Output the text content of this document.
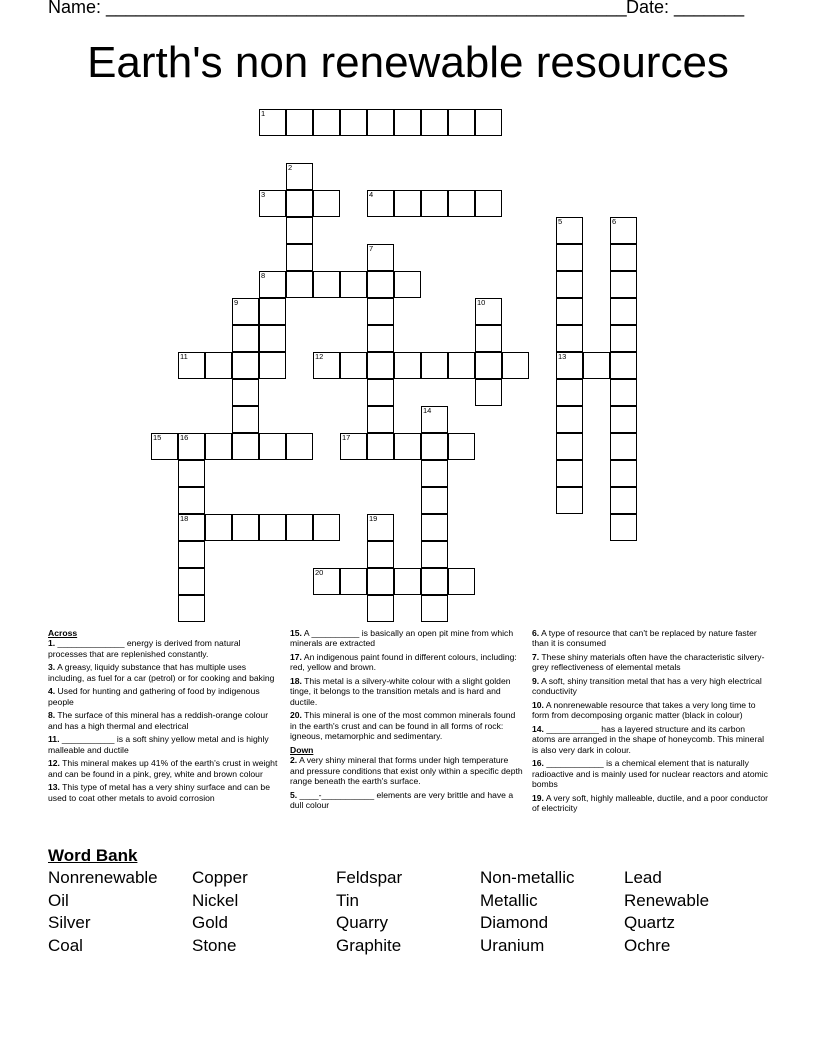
Name: ____________________________________________________ Date: _______
Earth's non renewable resources
1
2
3	4
5	6
7
8
9	10
11	12	13
14
15 16	17
18	19
20
Across
1. ______________ energy is derived from natural processes that are replenished constantly.
3. A greasy, liquidy substance that has multiple uses including, as fuel for a car (petrol) or for cooking and baking
4. Used for hunting and gathering of food by indigenous people
8. The surface of this mineral has a reddish-orange colour and has a high thermal and electrical
11. ___________ is a soft shiny yellow metal and is highly malleable and ductile
12. This mineral makes up 41% of the earth's crust in weight and can be found in a pink, grey, white and brown colour
13. This type of metal has a very shiny surface and can be used to coat other metals to avoid corrosion
15. A __________ is basically an open pit mine from which minerals are extracted
17. An indigenous paint found in different colours, including: red, yellow and brown.
18. This metal is a silvery-white colour with a slight golden tinge, it belongs to the transition metals and is hard and ductile.
20. This mineral is one of the most common minerals found in the earth's crust and can be found in all forms of rock: igneous, metamorphic and sedimentary.
Down
2. A very shiny mineral that forms under high temperature and pressure conditions that exist only within a specific depth range beneath the earth's surface.
5. ____-___________ elements are very brittle and have a dull colour
6. A type of resource that can't be replaced by nature faster than it is consumed
7. These shiny materials often have the characteristic silvery-grey reflectiveness of elemental metals
9. A soft, shiny transition metal that has a very high electrical conductivity
10. A nonrenewable resource that takes a very long time to form from decomposing organic matter (black in colour)
14. ___________ has a layered structure and its carbon atoms are arranged in the shape of honeycomb. This mineral is also very dark in colour.
16. ____________ is a chemical element that is naturally radioactive and is mainly used for nuclear reactors and atomic bombs
19. A very soft, highly malleable, ductile, and a poor conductor of electricity
Word Bank
Nonrenewable
Oil
Silver
Coal
Copper
Nickel
Gold
Stone
Feldspar
Tin
Quarry
Graphite
Non-metallic
Metallic
Diamond
Uranium
Lead
Renewable
Quartz
Ochre
